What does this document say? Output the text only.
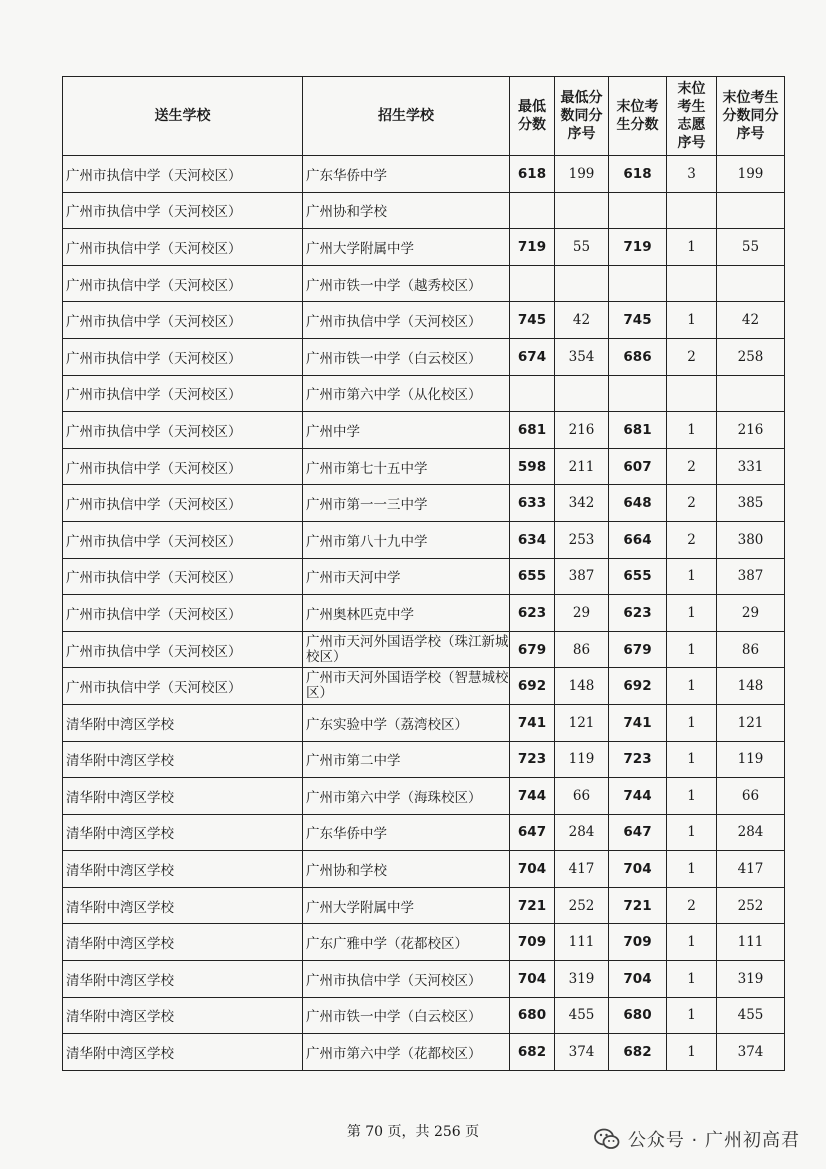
送生学校	招生学校	最低分数	最低分数同分序号	末位考生分数	末位考生志愿序号	末位考生分数同分序号
广州市执信中学（天河校区）	广东华侨中学	618	199	618	3	199
广州市执信中学（天河校区）	广州协和学校					
广州市执信中学（天河校区）	广州大学附属中学	719	55	719	1	55
广州市执信中学（天河校区）	广州市铁一中学（越秀校区）					
广州市执信中学（天河校区）	广州市执信中学（天河校区）	745	42	745	1	42
广州市执信中学（天河校区）	广州市铁一中学（白云校区）	674	354	686	2	258
广州市执信中学（天河校区）	广州市第六中学（从化校区）					
广州市执信中学（天河校区）	广州中学	681	216	681	1	216
广州市执信中学（天河校区）	广州市第七十五中学	598	211	607	2	331
广州市执信中学（天河校区）	广州市第一一三中学	633	342	648	2	385
广州市执信中学（天河校区）	广州市第八十九中学	634	253	664	2	380
广州市执信中学（天河校区）	广州市天河中学	655	387	655	1	387
广州市执信中学（天河校区）	广州奥林匹克中学	623	29	623	1	29
广州市执信中学（天河校区）	广州市天河外国语学校（珠江新城校区）	679	86	679	1	86
广州市执信中学（天河校区）	广州市天河外国语学校（智慧城校区）	692	148	692	1	148
清华附中湾区学校	广东实验中学（荔湾校区）	741	121	741	1	121
清华附中湾区学校	广州市第二中学	723	119	723	1	119
清华附中湾区学校	广州市第六中学（海珠校区）	744	66	744	1	66
清华附中湾区学校	广东华侨中学	647	284	647	1	284
清华附中湾区学校	广州协和学校	704	417	704	1	417
清华附中湾区学校	广州大学附属中学	721	252	721	2	252
清华附中湾区学校	广东广雅中学（花都校区）	709	111	709	1	111
清华附中湾区学校	广州市执信中学（天河校区）	704	319	704	1	319
清华附中湾区学校	广州市铁一中学（白云校区）	680	455	680	1	455
清华附中湾区学校	广州市第六中学（花都校区）	682	374	682	1	374
第 70 页，共 256 页	公众号 · 广州初高君
